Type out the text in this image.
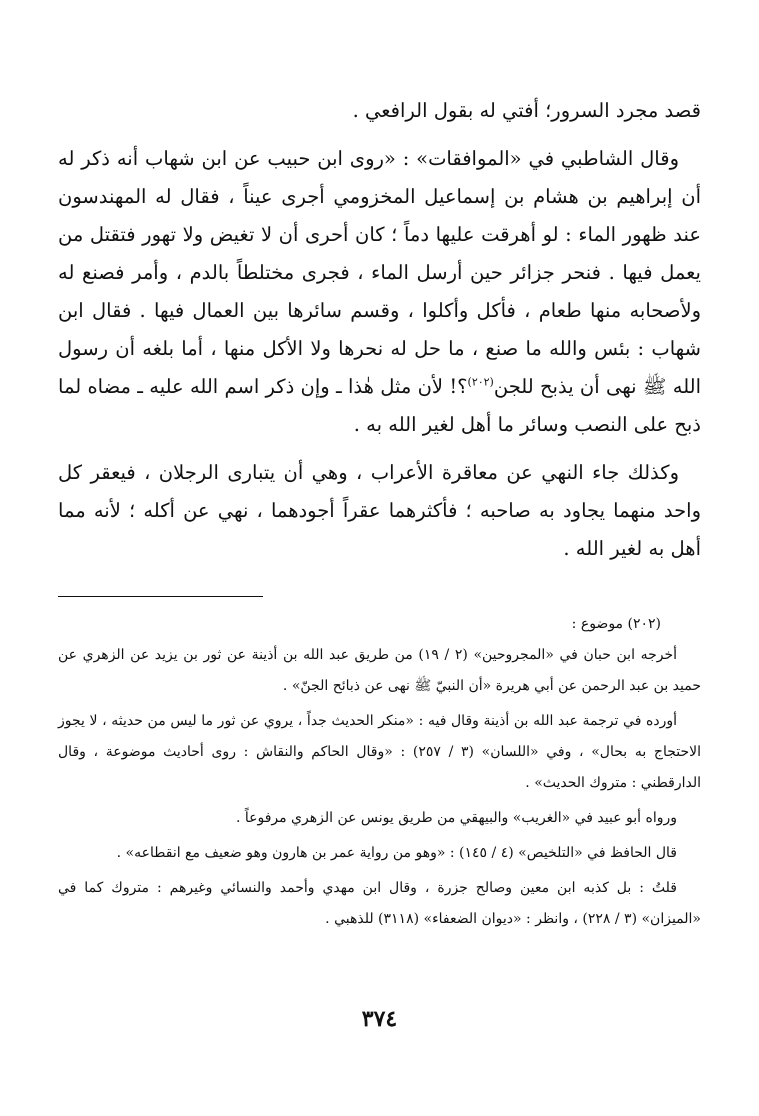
قصد مجرد السرور؛ أفتي له بقول الرافعي .

وقال الشاطبي في «الموافقات» : «روى ابن حبيب عن ابن شهاب أنه ذكر له أن إبراهيم بن هشام بن إسماعيل المخزومي أجرى عيناً ، فقال له المهندسون عند ظهور الماء : لو أهرقت عليها دماً ؛ كان أحرى أن لا تغيض ولا تهور فتقتل من يعمل فيها . فنحر جزائر حين أرسل الماء ، فجرى مختلطاً بالدم ، وأمر فصنع له ولأصحابه منها طعام ، فأكل وأكلوا ، وقسم سائرها بين العمال فيها . فقال ابن شهاب : بئس والله ما صنع ، ما حل له نحرها ولا الأكل منها ، أما بلغه أن رسول الله ﷺ نهى أن يذبح للجن$^{(٢٠٢)}$؟! لأن مثل هٰذا ـ وإن ذكر اسم الله عليه ـ مضاه لما ذبح على النصب وسائر ما أهل لغير الله به .

وكذلك جاء النهي عن معاقرة الأعراب ، وهي أن يتبارى الرجلان ، فيعقر كل واحد منهما يجاود به صاحبه ؛ فأكثرهما عقراً أجودهما ، نهي عن أكله ؛ لأنه مما أهل به لغير الله .

(٢٠٢) موضوع :

أخرجه ابن حبان في «المجروحين» (٢ / ١٩) من طريق عبد الله بن أذينة عن ثور بن يزيد عن الزهري عن حميد بن عبد الرحمن عن أبي هريرة «أن النبيّ ﷺ نهى عن ذبائح الجنّ» .

أورده في ترجمة عبد الله بن أذينة وقال فيه : «منكر الحديث جداً ، يروي عن ثور ما ليس من حديثه ، لا يجوز الاحتجاج به بحال» ، وفي «اللسان» (٣ / ٢٥٧) : «وقال الحاكم والنقاش : روى أحاديث موضوعة ، وقال الدارقطني : متروك الحديث» .

ورواه أبو عبيد في «الغريب» والبيهقي من طريق يونس عن الزهري مرفوعاً .

قال الحافظ في «التلخيص» (٤ / ١٤٥) : «وهو من رواية عمر بن هارون وهو ضعيف مع انقطاعه» .

قلتُ : بل كذبه ابن معين وصالح جزرة ، وقال ابن مهدي وأحمد والنسائي وغيرهم : متروك كما في «الميزان» (٣ / ٢٢٨) ، وانظر : «ديوان الضعفاء» (٣١١٨) للذهبي .

٣٧٤
